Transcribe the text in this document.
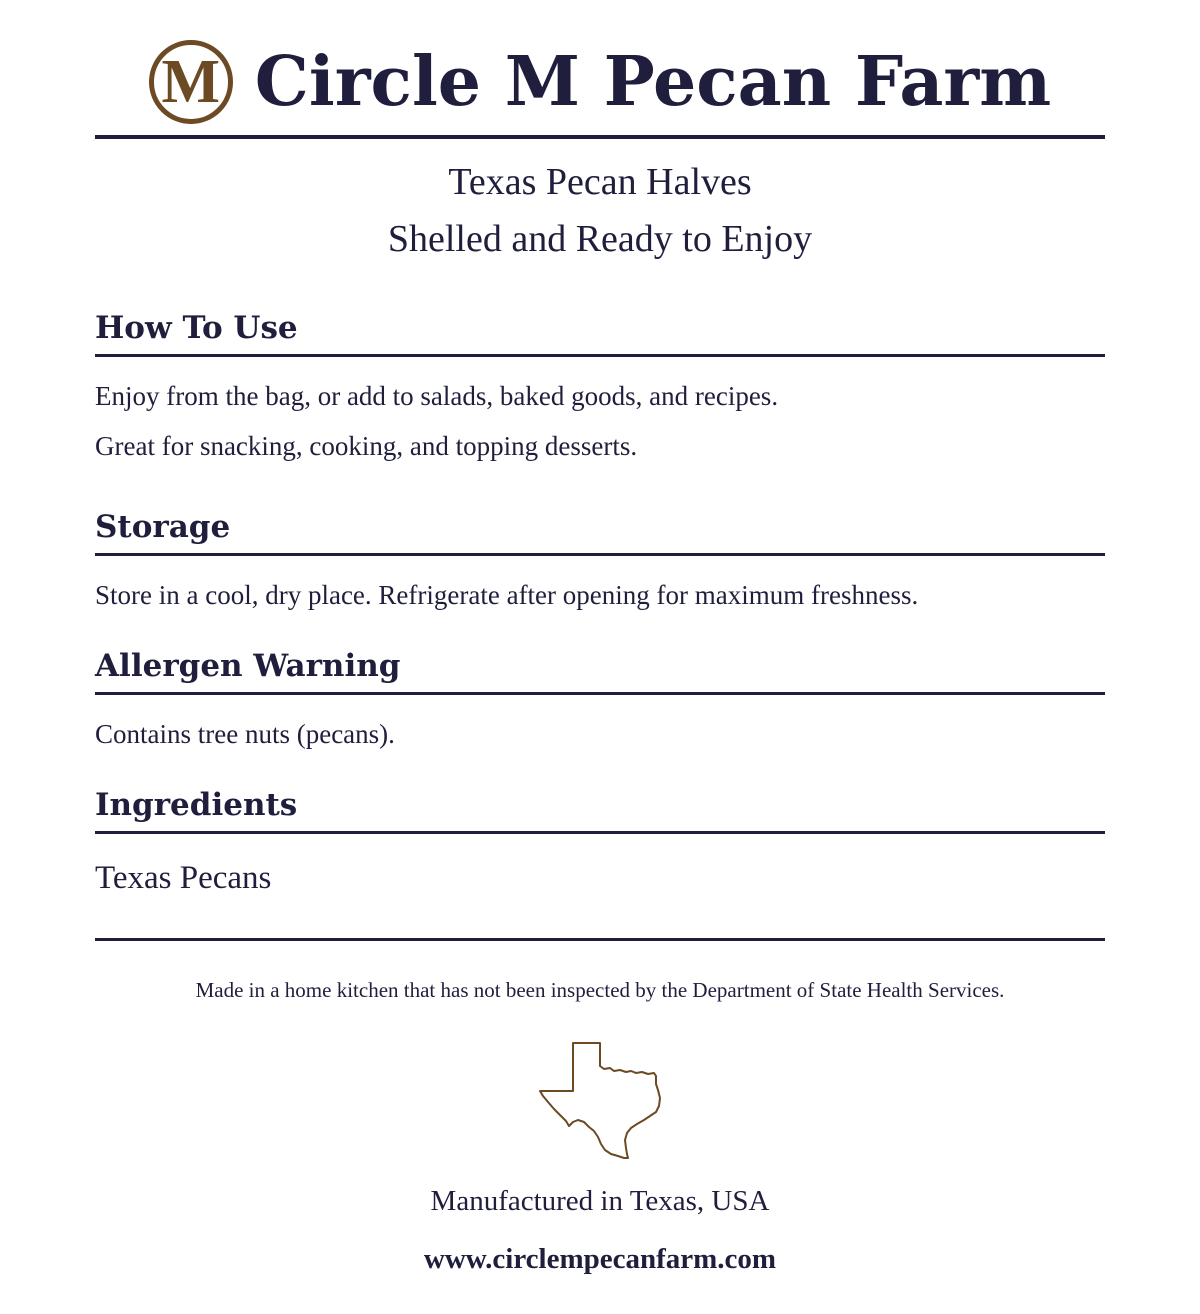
M Circle M Pecan Farm
Texas Pecan Halves
Shelled and Ready to Enjoy
How To Use
Enjoy from the bag, or add to salads, baked goods, and recipes.
Great for snacking, cooking, and topping desserts.
Storage
Store in a cool, dry place. Refrigerate after opening for maximum freshness.
Allergen Warning
Contains tree nuts (pecans).
Ingredients
Texas Pecans
Made in a home kitchen that has not been inspected by the Department of State Health Services.
Manufactured in Texas, USA
www.circlempecanfarm.com
